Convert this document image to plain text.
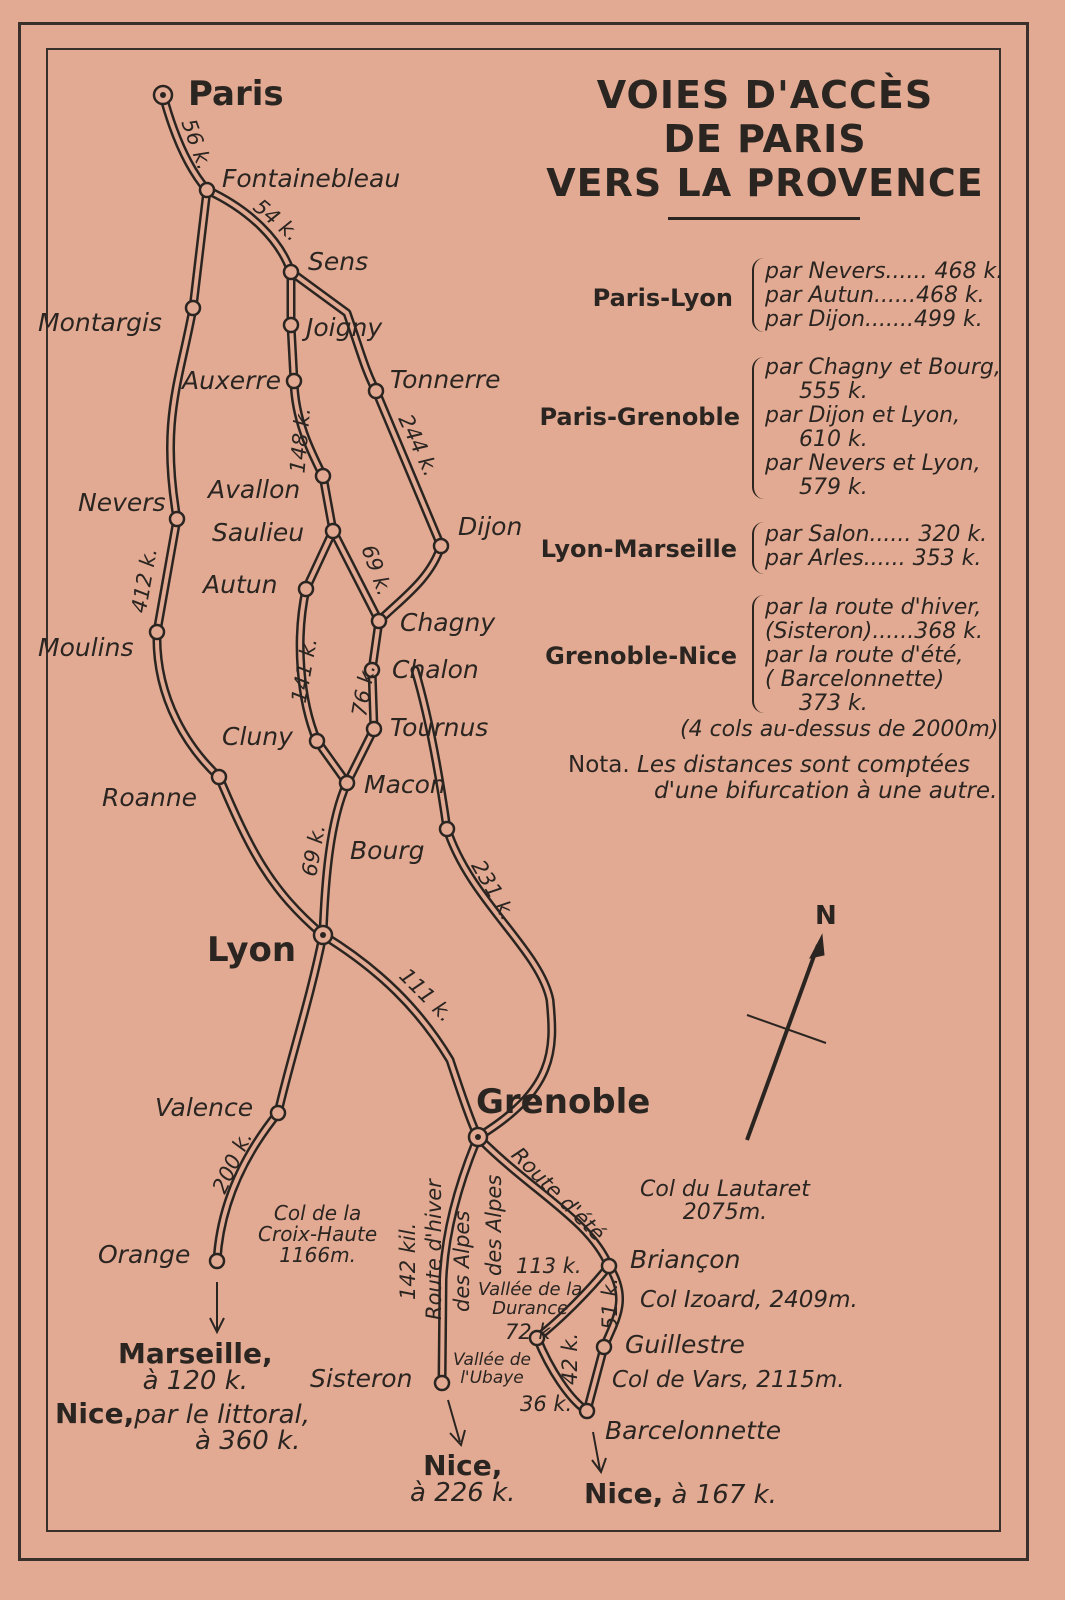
VOIES D'ACCÈS
DE PARIS
VERS LA PROVENCE
Paris-Lyon
par Nevers...... 468 k.
par Autun......468 k.
par Dijon.......499 k.
Paris-Grenoble
par Chagny et Bourg,
555 k.
par Dijon et Lyon,
610 k.
par Nevers et Lyon,
579 k.
Lyon-Marseille
par Salon...... 320 k.
par Arles...... 353 k.
Grenoble-Nice
par la route d'hiver,
(Sisteron)......368 k.
par la route d'été,
( Barcelonnette)
373 k.
(4 cols au-dessus de 2000m)
Nota. Les distances sont comptées
d'une bifurcation à une autre.
Paris
Fontainebleau
Sens
Joigny
Montargis
Auxerre	Tonnerre
Avallon
Nevers
Saulieu	Dijon
Autun
Chagny
Chalon
Moulins
Tournus
Cluny
Macon
Roanne
Bourg
Lyon
Grenoble
Valence
Orange	Briançon
Guillestre
Sisteron
Barcelonnette
56 k.
54 k.
148 k.	244 k.
412 k.	69 k.
141 k. 76 k.
69 k.
231 k.
111 k.
200 k.
142 kil.	113 k.
72 k
51 k.
42 k.
36 k.
Route d'hiver des Alpes
Route d'été
des Alpes
Col de la
Croix-Haute
1166m.
Col du Lautaret
2075m.
Col Izoard, 2409m.
Col de Vars, 2115m.
Vallée de la
Durance
Vallée de
l'Ubaye
Marseille,
à 120 k.
Nice,par le littoral,
à 360 k.
Nice,
à 226 k. Nice, à 167 k.
N
